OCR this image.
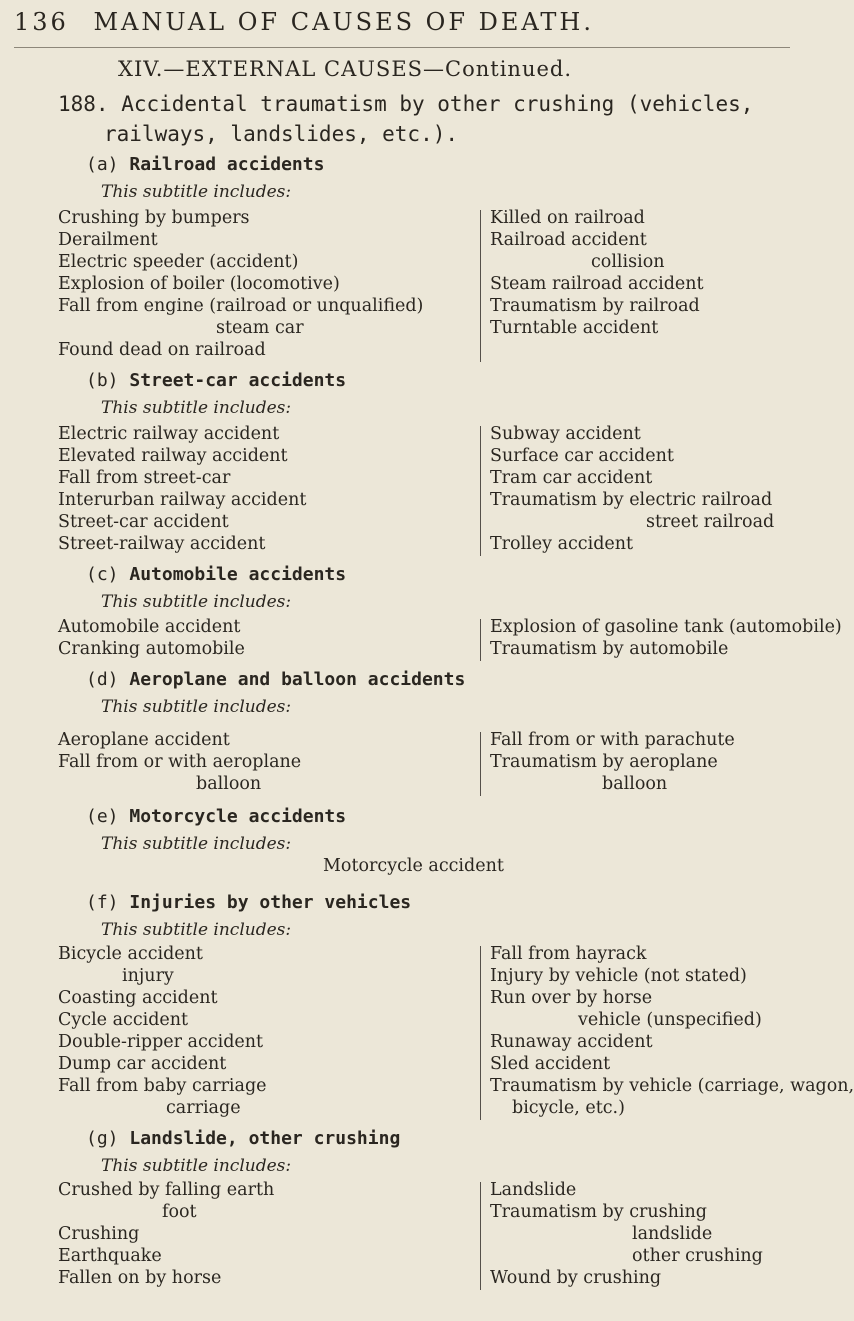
136 MANUAL OF CAUSES OF DEATH.
XIV.—EXTERNAL CAUSES—Continued.
188. Accidental traumatism by other crushing (vehicles,
railways, landslides, etc.).
(a) Railroad accidents
This subtitle includes:
Crushing by bumpers
Derailment
Electric speeder (accident)
Explosion of boiler (locomotive)
Fall from engine (railroad or unqualified)
steam car
Found dead on railroad
Killed on railroad
Railroad accident
collision
Steam railroad accident
Traumatism by railroad
Turntable accident
(b) Street-car accidents
This subtitle includes:
Electric railway accident
Elevated railway accident
Fall from street-car
Interurban railway accident
Street-car accident
Street-railway accident
Subway accident
Surface car accident
Tram car accident
Traumatism by electric railroad
street railroad
Trolley accident
(c) Automobile accidents
This subtitle includes:
Automobile accident
Cranking automobile
Explosion of gasoline tank (automobile)
Traumatism by automobile
(d) Aeroplane and balloon accidents
This subtitle includes:
Aeroplane accident
Fall from or with aeroplane
balloon
Fall from or with parachute
Traumatism by aeroplane
balloon
(e) Motorcycle accidents
This subtitle includes:
Motorcycle accident
(f) Injuries by other vehicles
This subtitle includes:
Bicycle accident
injury
Coasting accident
Cycle accident
Double-ripper accident
Dump car accident
Fall from baby carriage
carriage
Fall from hayrack
Injury by vehicle (not stated)
Run over by horse
vehicle (unspecified)
Runaway accident
Sled accident
Traumatism by vehicle (carriage, wagon,
bicycle, etc.)
(g) Landslide, other crushing
This subtitle includes:
Crushed by falling earth
foot
Crushing
Earthquake
Fallen on by horse
Landslide
Traumatism by crushing
landslide
other crushing
Wound by crushing
